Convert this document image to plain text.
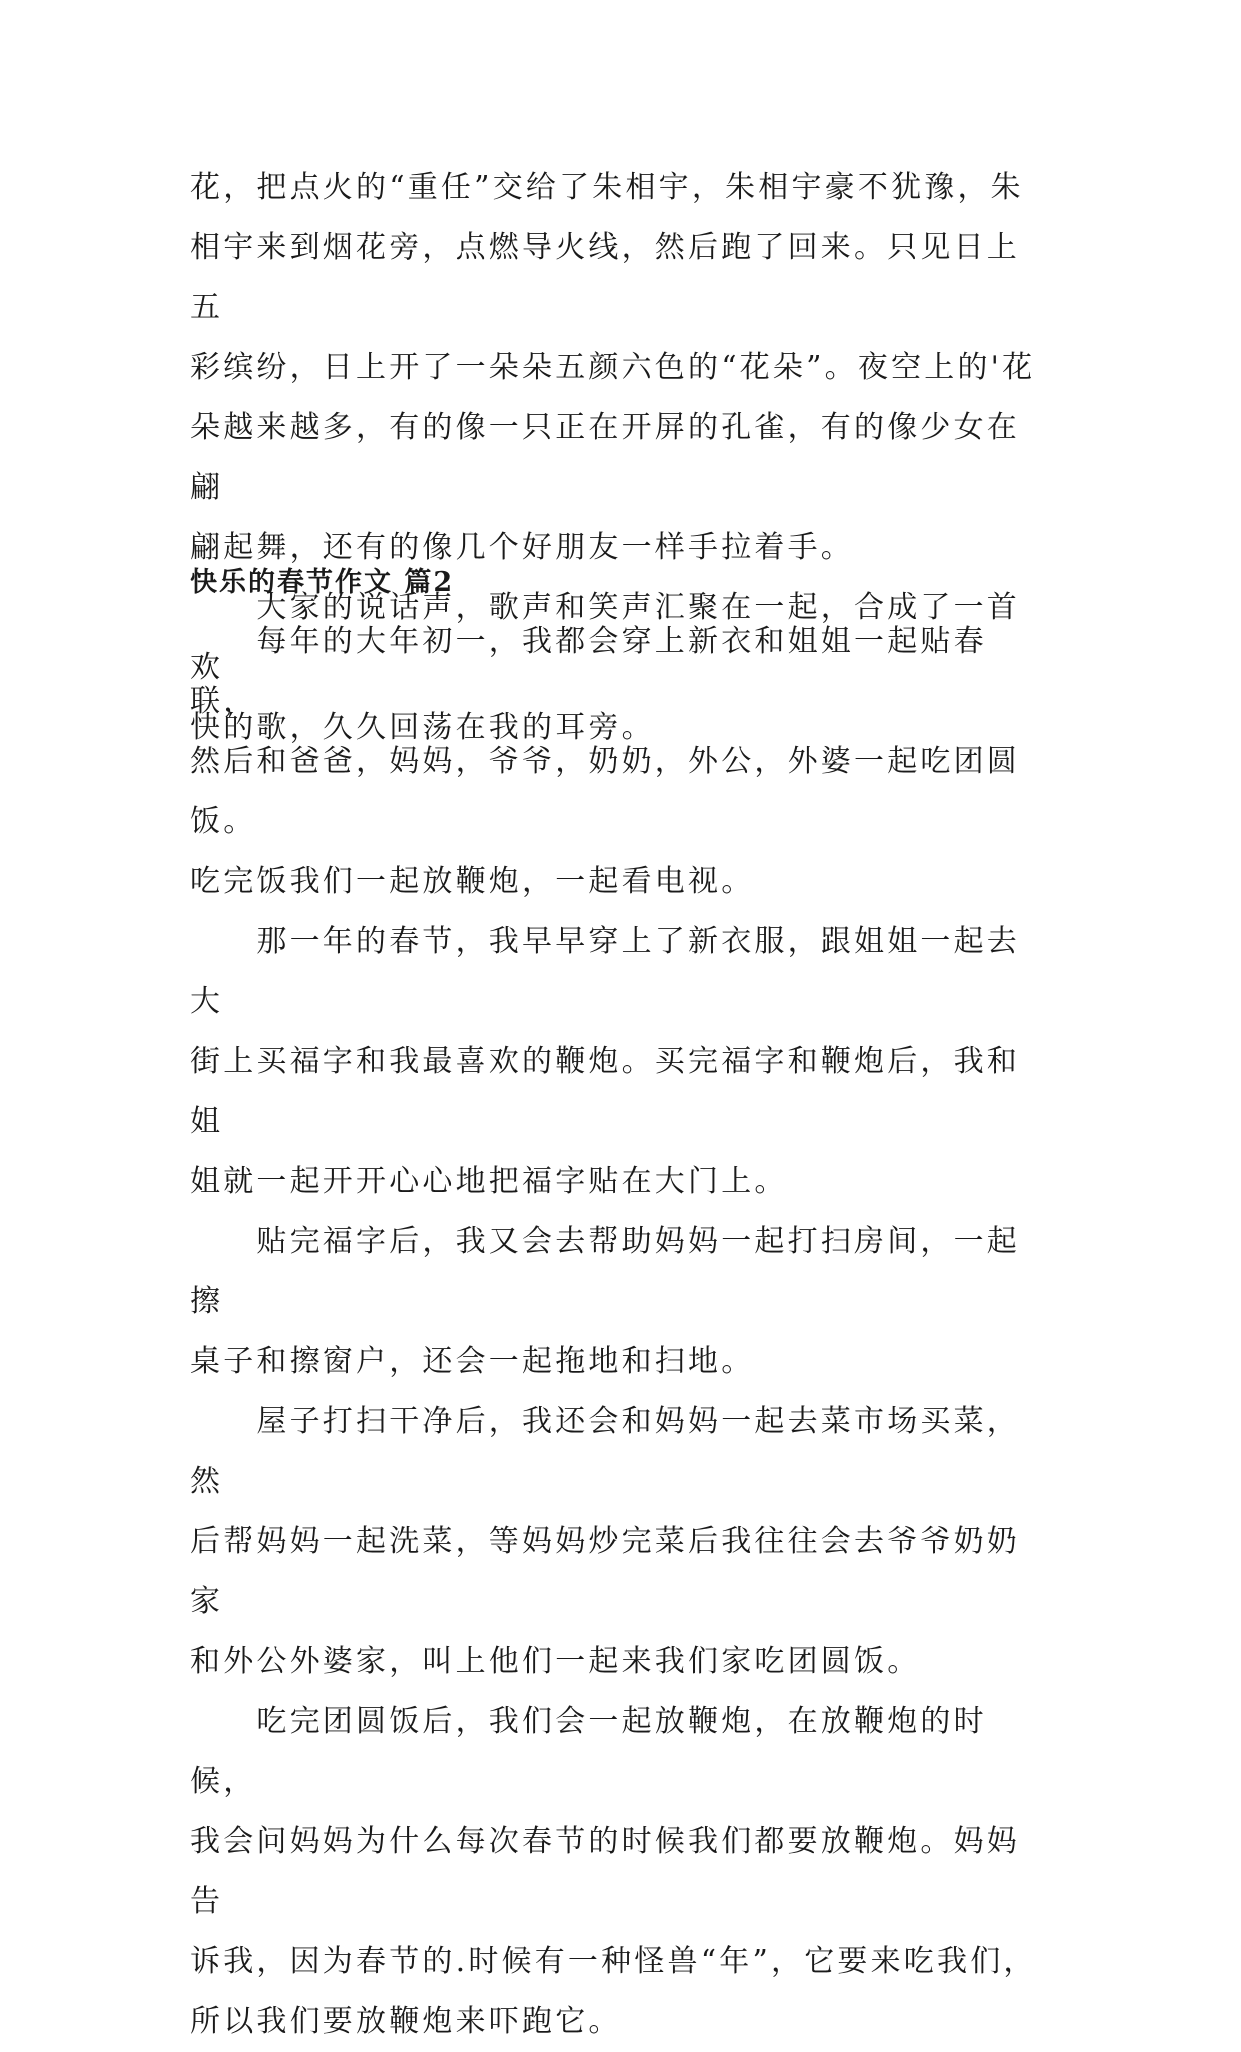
花，把点火的“重任”交给了朱相宇，朱相宇豪不犹豫，朱
相宇来到烟花旁，点燃导火线，然后跑了回来。只见日上五
彩缤纷，日上开了一朵朵五颜六色的“花朵”。夜空上的'花
朵越来越多，有的像一只正在开屏的孔雀，有的像少女在翩
翩起舞，还有的像几个好朋友一样手拉着手。

　　大家的说话声，歌声和笑声汇聚在一起，合成了一首欢
快的歌，久久回荡在我的耳旁。

快乐的春节作文 篇2

　　每年的大年初一，我都会穿上新衣和姐姐一起贴春联，
然后和爸爸，妈妈，爷爷，奶奶，外公，外婆一起吃团圆饭。
吃完饭我们一起放鞭炮，一起看电视。

　　那一年的春节，我早早穿上了新衣服，跟姐姐一起去大
街上买福字和我最喜欢的鞭炮。买完福字和鞭炮后，我和姐
姐就一起开开心心地把福字贴在大门上。

　　贴完福字后，我又会去帮助妈妈一起打扫房间，一起擦
桌子和擦窗户，还会一起拖地和扫地。

　　屋子打扫干净后，我还会和妈妈一起去菜市场买菜，然
后帮妈妈一起洗菜，等妈妈炒完菜后我往往会去爷爷奶奶家
和外公外婆家，叫上他们一起来我们家吃团圆饭。

　　吃完团圆饭后，我们会一起放鞭炮，在放鞭炮的时候，
我会问妈妈为什么每次春节的时候我们都要放鞭炮。妈妈告
诉我，因为春节的.时候有一种怪兽“年”，它要来吃我们，
所以我们要放鞭炮来吓跑它。
